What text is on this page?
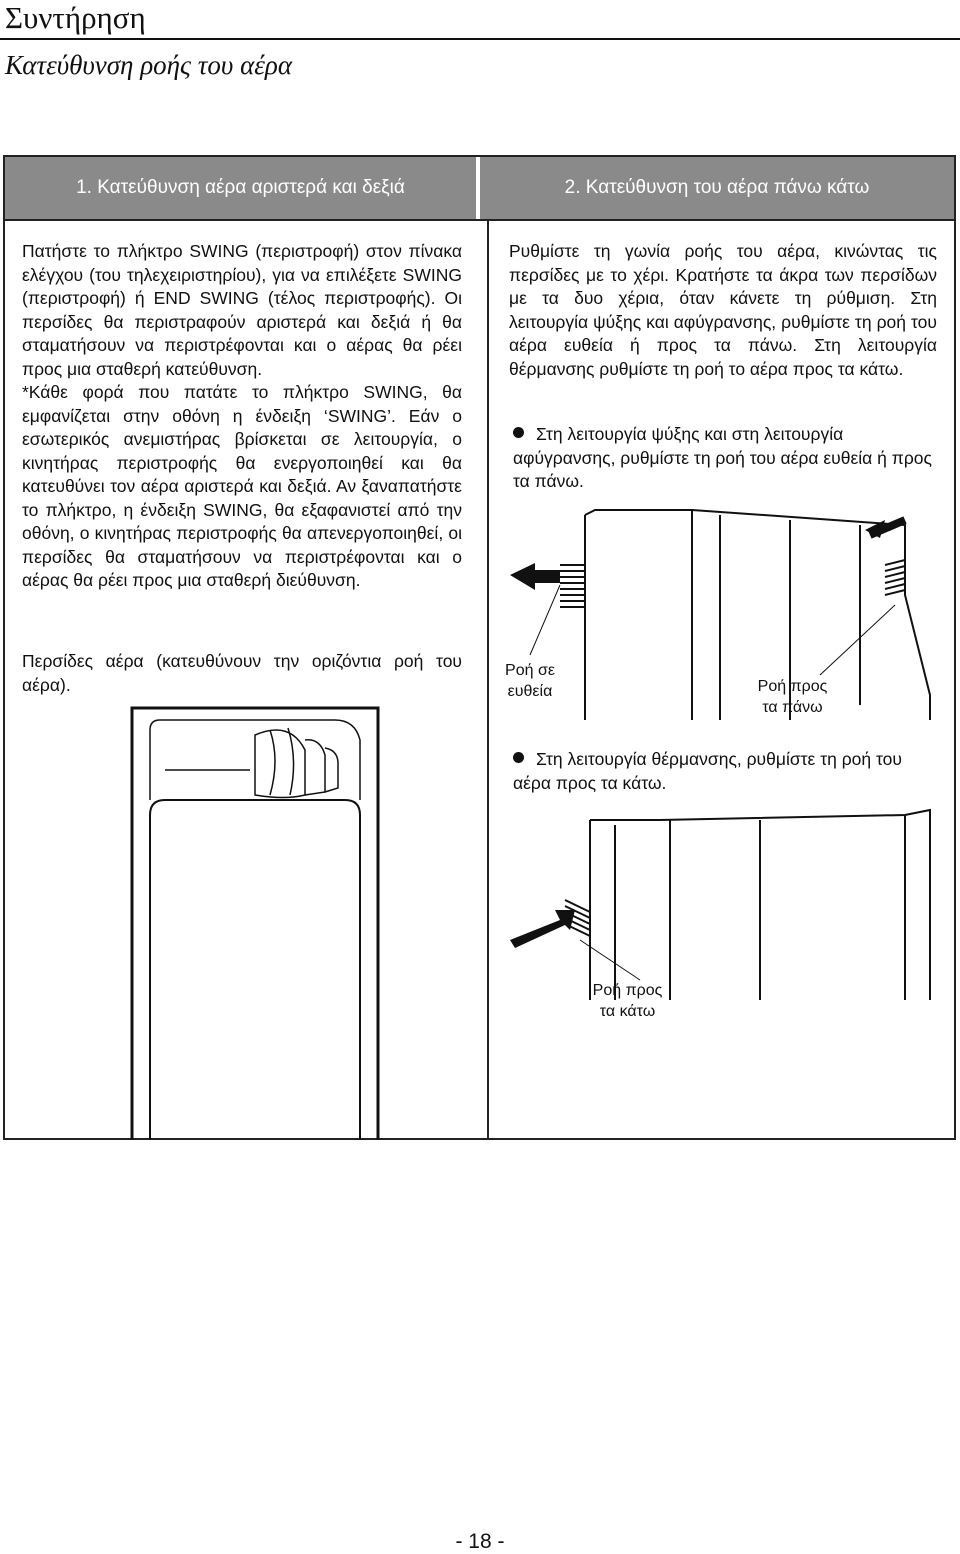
Συντήρηση
Κατεύθυνση ροής του αέρα
1. Κατεύθυνση αέρα αριστερά και δεξιά	2. Κατεύθυνση του αέρα πάνω κάτω

Πατήστε το πλήκτρο SWING (περιστροφή) στον πίνακα ελέγχου (του τηλεχειριστηρίου), για να επιλέξετε SWING (περιστροφή) ή END SWING (τέλος περιστροφής). Οι περσίδες θα περιστραφούν αριστερά και δεξιά ή θα σταματήσουν να περιστρέφονται και ο αέρας θα ρέει προς μια σταθερή κατεύθυνση.

*Κάθε φορά που πατάτε το πλήκτρο SWING, θα εμφανίζεται στην οθόνη η ένδειξη ‘SWING’. Εάν ο εσωτερικός ανεμιστήρας βρίσκεται σε λειτουργία, ο κινητήρας περιστροφής θα ενεργοποιηθεί και θα κατευθύνει τον αέρα αριστερά και δεξιά. Αν ξαναπατήστε το πλήκτρο, η ένδειξη SWING, θα εξαφανιστεί από την οθόνη, ο κινητήρας περιστροφής θα απενεργοποιηθεί, οι περσίδες θα σταματήσουν να περιστρέφονται και ο αέρας θα ρέει προς μια σταθερή διεύθυνση.

Περσίδες αέρα (κατευθύνουν την οριζόντια ροή του αέρα).
Ρυθμίστε τη γωνία ροής του αέρα, κινώντας τις περσίδες με το χέρι. Κρατήστε τα άκρα των περσίδων με τα δυο χέρια, όταν κάνετε τη ρύθμιση. Στη λειτουργία ψύξης και αφύγρανσης, ρυθμίστε τη ροή του αέρα ευθεία ή προς τα πάνω. Στη λειτουργία θέρμανσης ρυθμίστε τη ροή το αέρα προς τα κάτω.
Στη λειτουργία ψύξης και στη λειτουργία αφύγρανσης, ρυθμίστε τη ροή του αέρα ευθεία ή προς τα πάνω.
Ροή σε
ευθεία	Ροή προς
τα πάνω
Στη λειτουργία θέρμανσης, ρυθμίστε τη ροή του αέρα προς τα κάτω.
Ροή προς
τα κάτω
- 18 -
